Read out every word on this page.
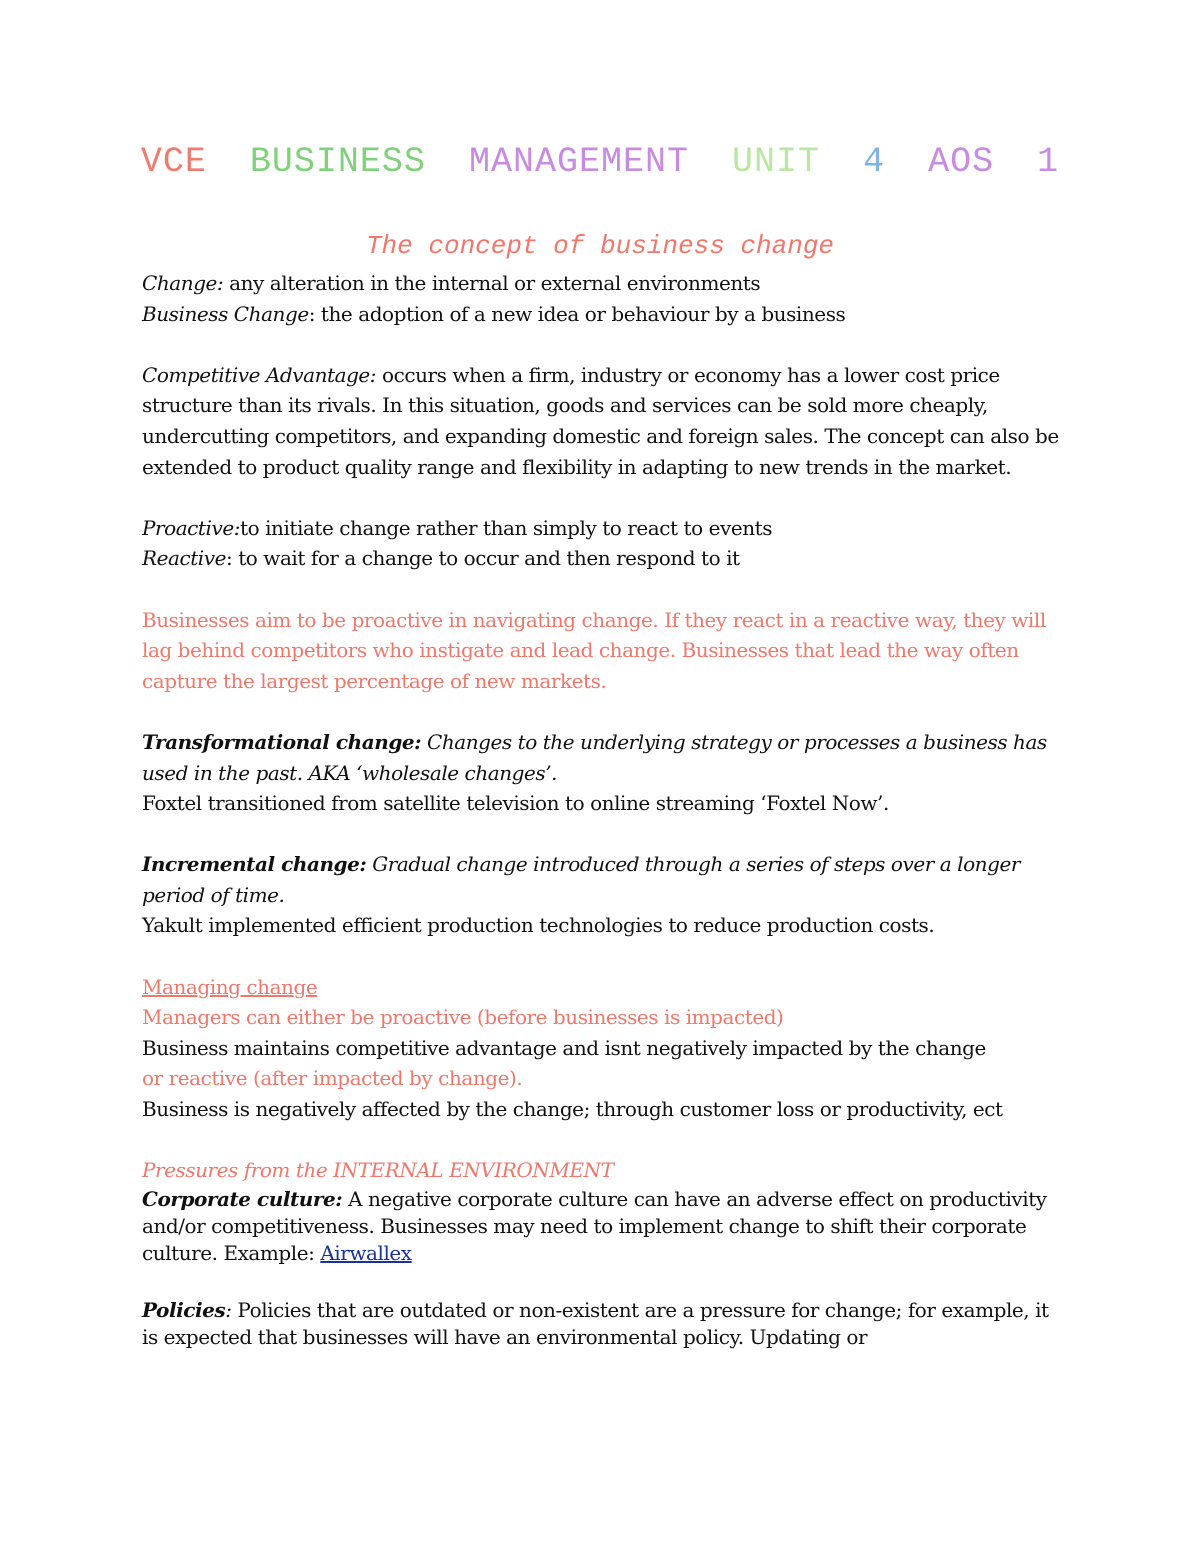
VCE BUSINESS MANAGEMENT UNIT 4 AOS 1
The concept of business change

Change: any alteration in the internal or external environments

Business Change: the adoption of a new idea or behaviour by a business

Competitive Advantage: occurs when a firm, industry or economy has a lower cost price structure than its rivals. In this situation, goods and services can be sold more cheaply, undercutting competitors, and expanding domestic and foreign sales. The concept can also be extended to product quality range and flexibility in adapting to new trends in the market.

Proactive:to initiate change rather than simply to react to events

Reactive: to wait for a change to occur and then respond to it

Businesses aim to be proactive in navigating change. If they react in a reactive way, they will lag behind competitors who instigate and lead change. Businesses that lead the way often capture the largest percentage of new markets.

Transformational change: Changes to the underlying strategy or processes a business has used in the past. AKA ‘wholesale changes’.

Foxtel transitioned from satellite television to online streaming ‘Foxtel Now’.

Incremental change: Gradual change introduced through a series of steps over a longer period of time.

Yakult implemented efficient production technologies to reduce production costs.

Managing change

Managers can either be proactive (before businesses is impacted)

Business maintains competitive advantage and isnt negatively impacted by the change

or reactive (after impacted by change).

Business is negatively affected by the change; through customer loss or productivity, ect

Pressures from the INTERNAL ENVIRONMENT

Corporate culture: A negative corporate culture can have an adverse effect on productivity and/or competitiveness. Businesses may need to implement change to shift their corporate culture. Example: Airwallex

Policies: Policies that are outdated or non-existent are a pressure for change; for example, it is expected that businesses will have an environmental policy. Updating or
